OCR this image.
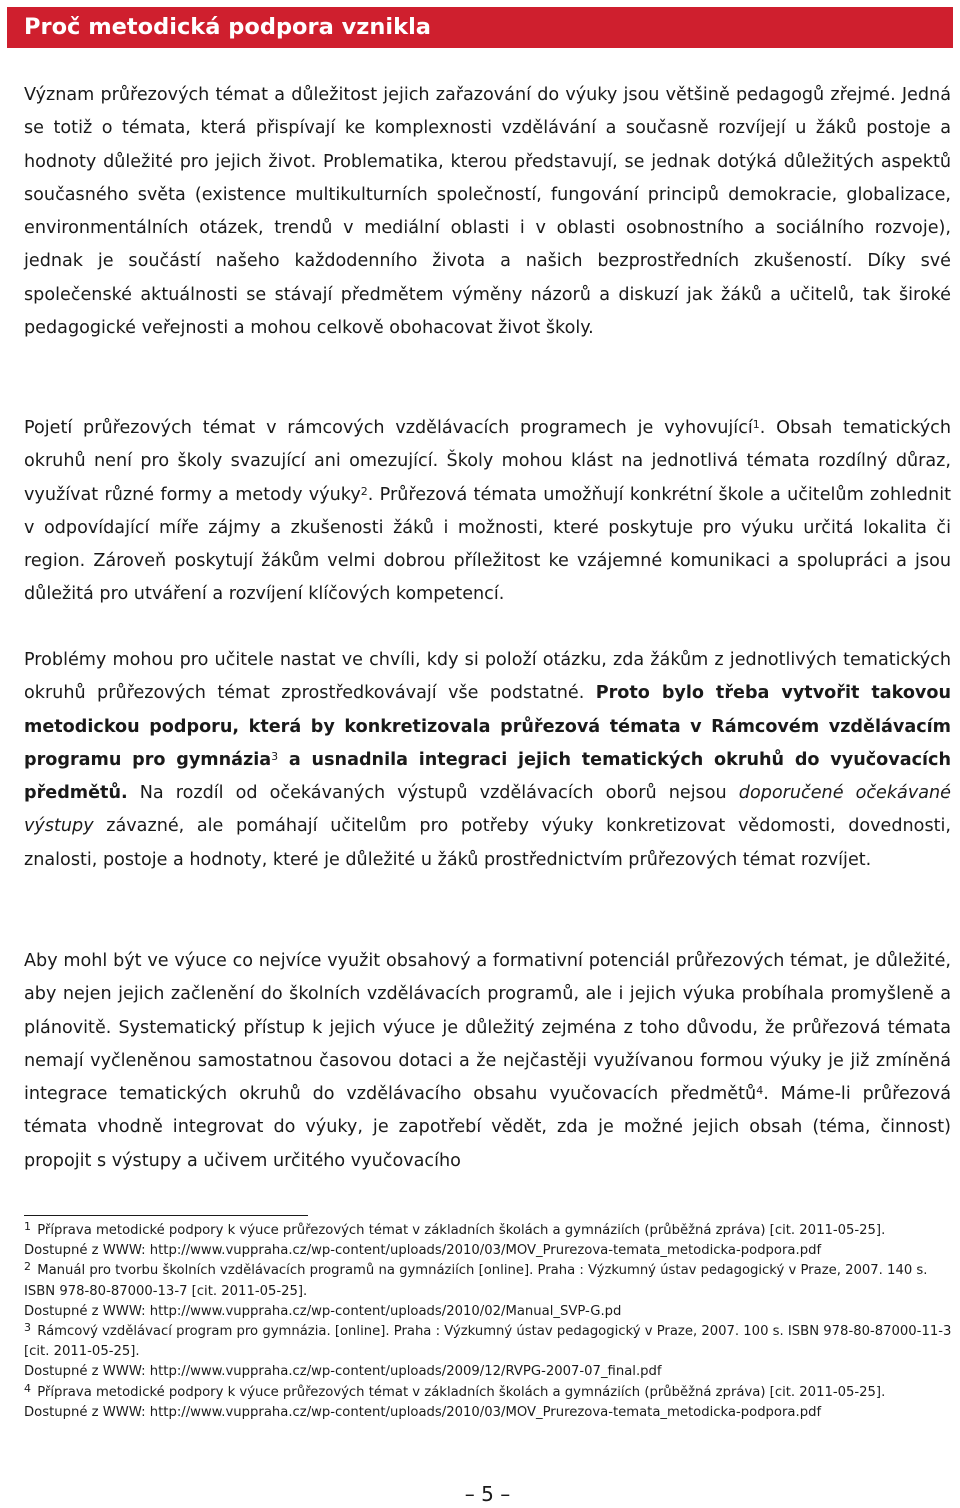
Proč metodická podpora vznikla

Význam průřezových témat a důležitost jejich zařazování do výuky jsou většině pedagogů zřejmé. Jedná se totiž o témata, která přispívají ke komplexnosti vzdělávání a současně rozvíjejí u žáků postoje a hodnoty důležité pro jejich život. Problematika, kterou představují, se jednak dotýká důležitých aspektů současného světa (existence multikulturních společností, fungování principů demokracie, globalizace, environmentálních otázek, trendů v mediální oblasti i v oblasti osobnostního a sociálního rozvoje), jednak je součástí našeho každodenního života a našich bezprostředních zkušeností. Díky své společenské aktuálnosti se stávají předmětem výměny názorů a diskuzí jak žáků a učitelů, tak široké pedagogické veřejnosti a mohou celkově obohacovat život školy.

Pojetí průřezových témat v rámcových vzdělávacích programech je vyhovující$^1$. Obsah tematických okruhů není pro školy svazující ani omezující. Školy mohou klást na jednotlivá témata rozdílný důraz, využívat různé formy a metody výuky$^2$. Průřezová témata umožňují konkrétní škole a učitelům zohlednit v odpovídající míře zájmy a zkušenosti žáků i možnosti, které poskytuje pro výuku určitá lokalita či region. Zároveň poskytují žákům velmi dobrou příležitost ke vzájemné komunikaci a spolupráci a jsou důležitá pro utváření a rozvíjení klíčových kompetencí.

Problémy mohou pro učitele nastat ve chvíli, kdy si položí otázku, zda žákům z jednotlivých tematických okruhů průřezových témat zprostředkovávají vše podstatné. Proto bylo třeba vytvořit takovou metodickou podporu, která by konkretizovala průřezová témata v Rámcovém vzdělávacím programu pro gymnázia$^3$ a usnadnila integraci jejich tematických okruhů do vyučovacích předmětů. Na rozdíl od očekávaných výstupů vzdělávacích oborů nejsou doporučené očekávané výstupy závazné, ale pomáhají učitelům pro potřeby výuky konkretizovat vědomosti, dovednosti, znalosti, postoje a hodnoty, které je důležité u žáků prostřednictvím průřezových témat rozvíjet.

Aby mohl být ve výuce co nejvíce využit obsahový a formativní potenciál průřezových témat, je důležité, aby nejen jejich začlenění do školních vzdělávacích programů, ale i jejich výuka probíhala promyšleně a plánovitě. Systematický přístup k jejich výuce je důležitý zejména z toho důvodu, že průřezová témata nemají vyčleněnou samostatnou časovou dotaci a že nejčastěji využívanou formou výuky je již zmíněná integrace tematických okruhů do vzdělávacího obsahu vyučovacích předmětů$^4$. Máme-li průřezová témata vhodně integrovat do výuky, je zapotřebí vědět, zda je možné jejich obsah (téma, činnost) propojit s výstupy a učivem určitého vyučovacího

$^1$ Příprava metodické podpory k výuce průřezových témat v základních školách a gymnáziích (průběžná zpráva) [cit. 2011-05-25].
Dostupné z WWW: http://www.vuppraha.cz/wp-content/uploads/2010/03/MOV_Prurezova-temata_metodicka-podpora.pdf
$^2$ Manuál pro tvorbu školních vzdělávacích programů na gymnáziích [online]. Praha : Výzkumný ústav pedagogický v Praze, 2007. 140 s. ISBN 978-80-87000-13-7 [cit. 2011-05-25].
Dostupné z WWW: http://www.vuppraha.cz/wp-content/uploads/2010/02/Manual_SVP-G.pd
$^3$ Rámcový vzdělávací program pro gymnázia. [online]. Praha : Výzkumný ústav pedagogický v Praze, 2007. 100 s. ISBN 978-80-87000-11-3 [cit. 2011-05-25].
Dostupné z WWW: http://www.vuppraha.cz/wp-content/uploads/2009/12/RVPG-2007-07_final.pdf
$^4$ Příprava metodické podpory k výuce průřezových témat v základních školách a gymnáziích (průběžná zpráva) [cit. 2011-05-25].
Dostupné z WWW: http://www.vuppraha.cz/wp-content/uploads/2010/03/MOV_Prurezova-temata_metodicka-podpora.pdf
– 5 –
